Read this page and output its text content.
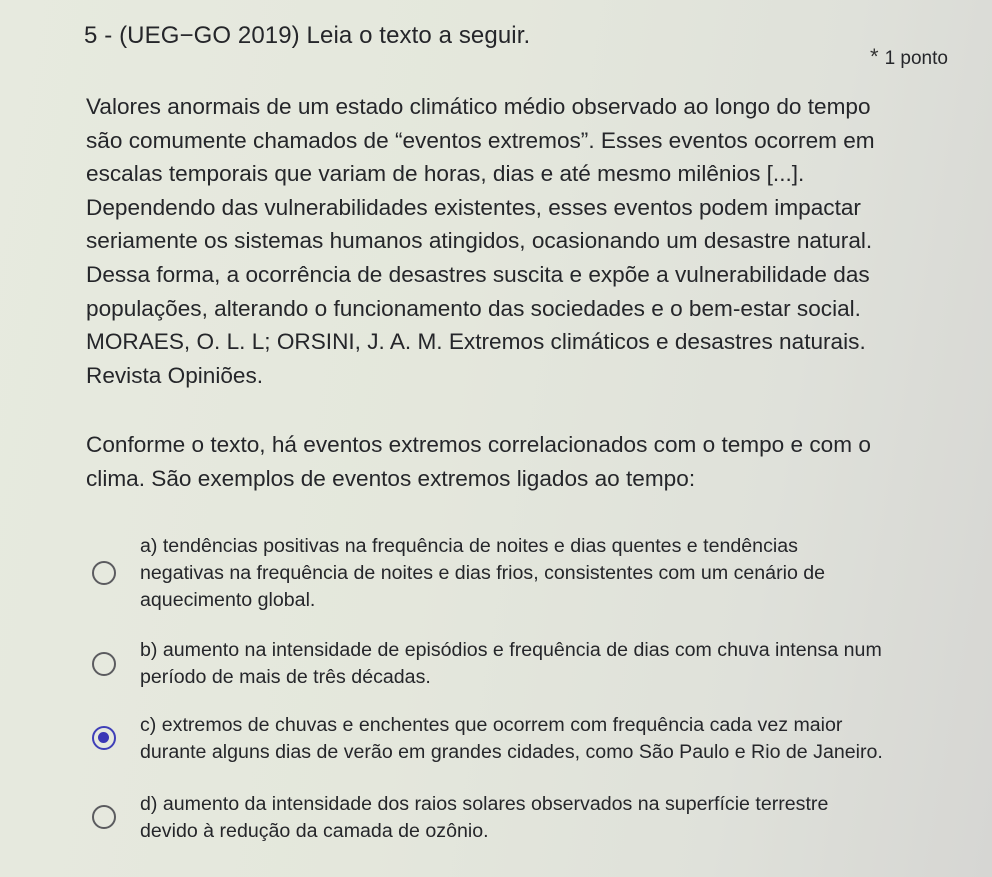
5 - (UEG−GO 2019) Leia o texto a seguir.
* 1 ponto

Valores anormais de um estado climático médio observado ao longo do tempo são comumente chamados de “eventos extremos”. Esses eventos ocorrem em escalas temporais que variam de horas, dias e até mesmo milênios [...]. Dependendo das vulnerabilidades existentes, esses eventos podem impactar seriamente os sistemas humanos atingidos, ocasionando um desastre natural. Dessa forma, a ocorrência de desastres suscita e expõe a vulnerabilidade das populações, alterando o funcionamento das sociedades e o bem-estar social. MORAES, O. L. L; ORSINI, J. A. M. Extremos climáticos e desastres naturais. Revista Opiniões.

Conforme o texto, há eventos extremos correlacionados com o tempo e com o clima. São exemplos de eventos extremos ligados ao tempo:

a) tendências positivas na frequência de noites e dias quentes e tendências negativas na frequência de noites e dias frios, consistentes com um cenário de aquecimento global.
b) aumento na intensidade de episódios e frequência de dias com chuva intensa num período de mais de três décadas.
c) extremos de chuvas e enchentes que ocorrem com frequência cada vez maior durante alguns dias de verão em grandes cidades, como São Paulo e Rio de Janeiro.
d) aumento da intensidade dos raios solares observados na superfície terrestre devido à redução da camada de ozônio.
